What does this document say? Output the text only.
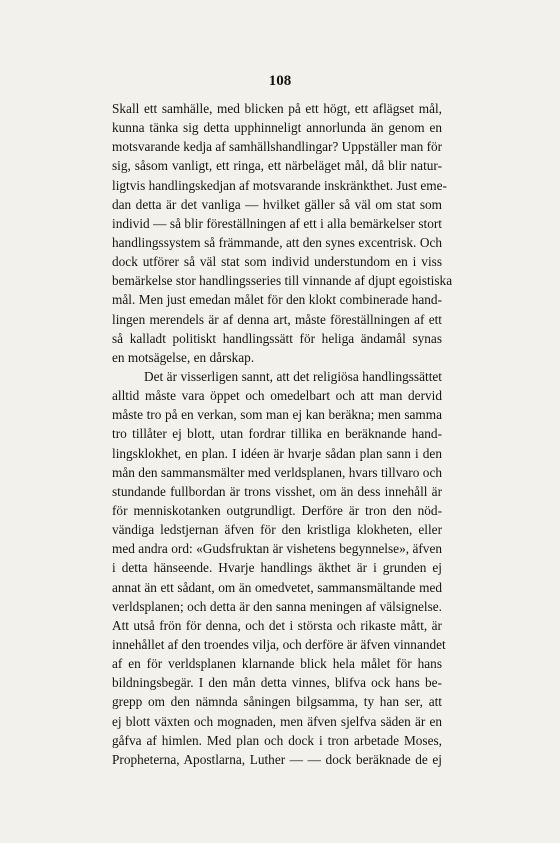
108
Skall ett samhälle, med blicken på ett högt, ett aflägset mål,
kunna tänka sig detta upphinneligt annorlunda än genom en
motsvarande kedja af samhällshandlingar? Uppställer man för
sig, såsom vanligt, ett ringa, ett närbeläget mål, då blir natur-
ligtvis handlingskedjan af motsvarande inskränkthet. Just eme-
dan detta är det vanliga — hvilket gäller så väl om stat som
individ — så blir föreställningen af ett i alla bemärkelser stort
handlingssystem så främmande, att den synes excentrisk. Och
dock utförer så väl stat som individ understundom en i viss
bemärkelse stor handlingsseries till vinnande af djupt egoistiska
mål. Men just emedan målet för den klokt combinerade hand-
lingen merendels är af denna art, måste föreställningen af ett
så kalladt politiskt handlingssätt för heliga ändamål synas
en motsägelse, en dårskap.
Det är visserligen sannt, att det religiösa handlingssättet
alltid måste vara öppet och omedelbart och att man dervid
måste tro på en verkan, som man ej kan beräkna; men samma
tro tillåter ej blott, utan fordrar tillika en beräknande hand-
lingsklokhet, en plan. I idéen är hvarje sådan plan sann i den
mån den sammansmälter med verldsplanen, hvars tillvaro och
stundande fullbordan är trons visshet, om än dess innehåll är
för menniskotanken outgrundligt. Derföre är tron den nöd-
vändiga ledstjernan äfven för den kristliga klokheten, eller
med andra ord: «Gudsfruktan är vishetens begynnelse», äfven
i detta hänseende. Hvarje handlings äkthet är i grunden ej
annat än ett sådant, om än omedvetet, sammansmältande med
verldsplanen; och detta är den sanna meningen af välsignelse.
Att utså frön för denna, och det i största och rikaste mått, är
innehållet af den troendes vilja, och derföre är äfven vinnandet
af en för verldsplanen klarnande blick hela målet för hans
bildningsbegär. I den mån detta vinnes, blifva ock hans be-
grepp om den nämnda såningen bilgsamma, ty han ser, att
ej blott växten och mognaden, men äfven sjelfva säden är en
gåfva af himlen. Med plan och dock i tron arbetade Moses,
Propheterna, Apostlarna, Luther — — dock beräknade de ej
